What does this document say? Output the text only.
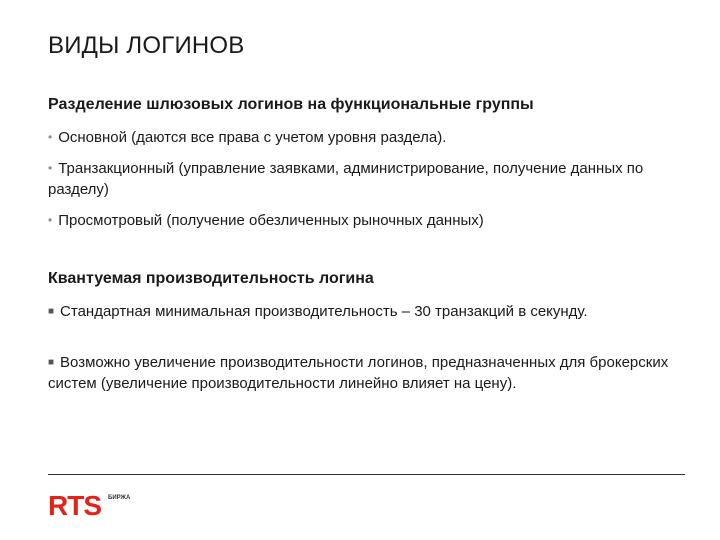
ВИДЫ ЛОГИНОВ
Разделение шлюзовых логинов на функциональные группы

• Основной (даются все права с учетом уровня раздела).

• Транзакционный (управление заявками, администрирование, получение данных по разделу)

• Просмотровый (получение обезличенных рыночных данных)

Квантуемая производительность логина

■ Стандартная минимальная производительность – 30 транзакций в секунду.

■ Возможно увеличение производительности логинов, предназначенных для брокерских систем (увеличение производительности линейно влияет на цену).

RTS БИРЖА
